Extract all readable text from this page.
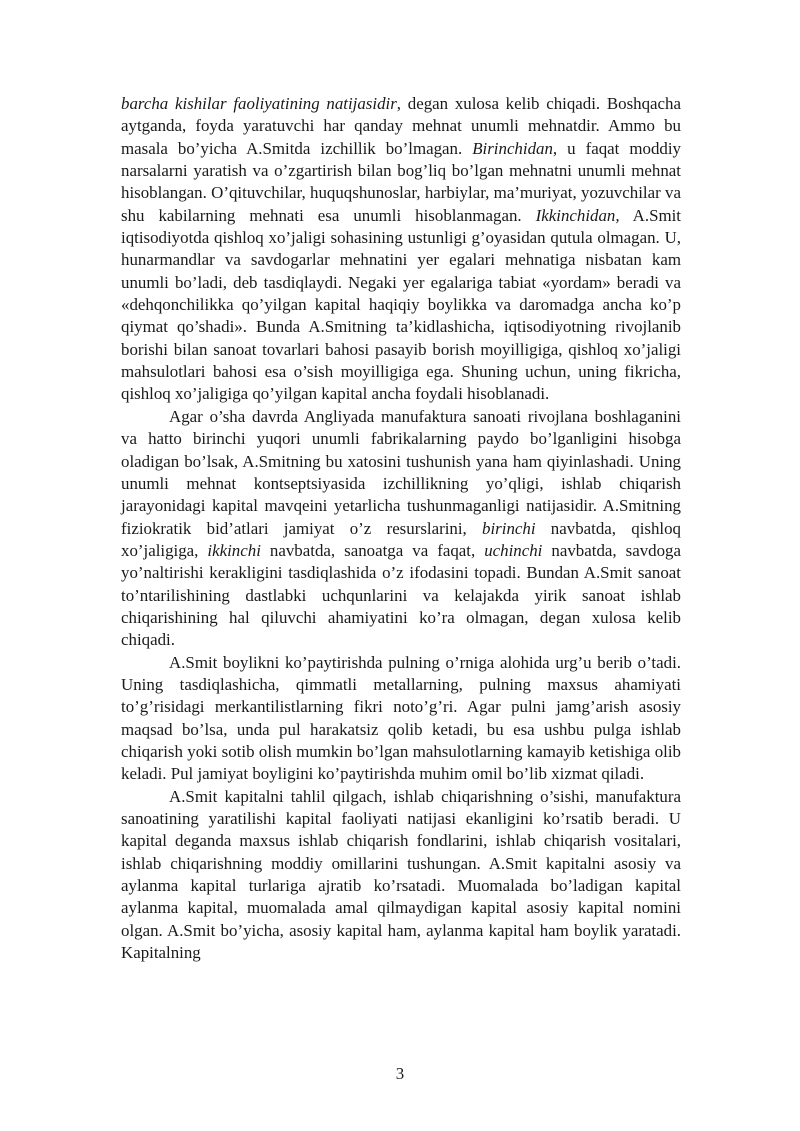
barcha kishilar faoliyatining natijasidir, degan xulosa kelib chiqadi. Boshqacha aytganda, foyda yaratuvchi har qanday mehnat unumli mehnatdir. Ammo bu masala bo’yicha A.Smitda izchillik bo’lmagan. Birinchidan, u faqat moddiy narsalarni yaratish va o’zgartirish bilan bog’liq bo’lgan mehnatni unumli mehnat hisoblangan. O’qituvchilar, huquqshunoslar, harbiylar, ma’muriyat, yozuvchilar va shu kabilarning mehnati esa unumli hisoblanmagan. Ikkinchidan, A.Smit iqtisodiyotda qishloq xo’jaligi sohasining ustunligi g’oyasidan qutula olmagan. U, hunarmandlar va savdogarlar mehnatini yer egalari mehnatiga nisbatan kam unumli bo’ladi, deb tasdiqlaydi. Negaki yer egalariga tabiat «yordam» beradi va «dehqonchilikka qo’yilgan kapital haqiqiy boylikka va daromadga ancha ko’p qiymat qo’shadi». Bunda A.Smitning ta’kidlashicha, iqtisodiyotning rivojlanib borishi bilan sanoat tovarlari bahosi pasayib borish moyilligiga, qishloq xo’jaligi mahsulotlari bahosi esa o’sish moyilligiga ega. Shuning uchun, uning fikricha, qishloq xo’jaligiga qo’yilgan kapital ancha foydali hisoblanadi.

Agar o’sha davrda Angliyada manufaktura sanoati rivojlana boshlaganini va hatto birinchi yuqori unumli fabrikalarning paydo bo’lganligini hisobga oladigan bo’lsak, A.Smitning bu xatosini tushunish yana ham qiyinlashadi. Uning unumli mehnat kontseptsiyasida izchillikning yo’qligi, ishlab chiqarish jarayonidagi kapital mavqeini yetarlicha tushunmaganligi natijasidir. A.Smitning fiziokratik bid’atlari jamiyat o’z resurslarini, birinchi navbatda, qishloq xo’jaligiga, ikkinchi navbatda, sanoatga va faqat, uchinchi navbatda, savdoga yo’naltirishi kerakligini tasdiqlashida o’z ifodasini topadi. Bundan A.Smit sanoat to’ntarilishining dastlabki uchqunlarini va kelajakda yirik sanoat ishlab chiqarishining hal qiluvchi ahamiyatini ko’ra olmagan, degan xulosa kelib chiqadi.

A.Smit boylikni ko’paytirishda pulning o’rniga alohida urg’u berib o’tadi. Uning tasdiqlashicha, qimmatli metallarning, pulning maxsus ahamiyati to’g’risidagi merkantilistlarning fikri noto’g’ri. Agar pulni jamg’arish asosiy maqsad bo’lsa, unda pul harakatsiz qolib ketadi, bu esa ushbu pulga ishlab chiqarish yoki sotib olish mumkin bo’lgan mahsulotlarning kamayib ketishiga olib keladi. Pul jamiyat boyligini ko’paytirishda muhim omil bo’lib xizmat qiladi.

A.Smit kapitalni tahlil qilgach, ishlab chiqarishning o’sishi, manufaktura sanoatining yaratilishi kapital faoliyati natijasi ekanligini ko’rsatib beradi. U kapital deganda maxsus ishlab chiqarish fondlarini, ishlab chiqarish vositalari, ishlab chiqarishning moddiy omillarini tushungan. A.Smit kapitalni asosiy va aylanma kapital turlariga ajratib ko’rsatadi. Muomalada bo’ladigan kapital aylanma kapital, muomalada amal qilmaydigan kapital asosiy kapital nomini olgan. A.Smit bo’yicha, asosiy kapital ham, aylanma kapital ham boylik yaratadi. Kapitalning

3
